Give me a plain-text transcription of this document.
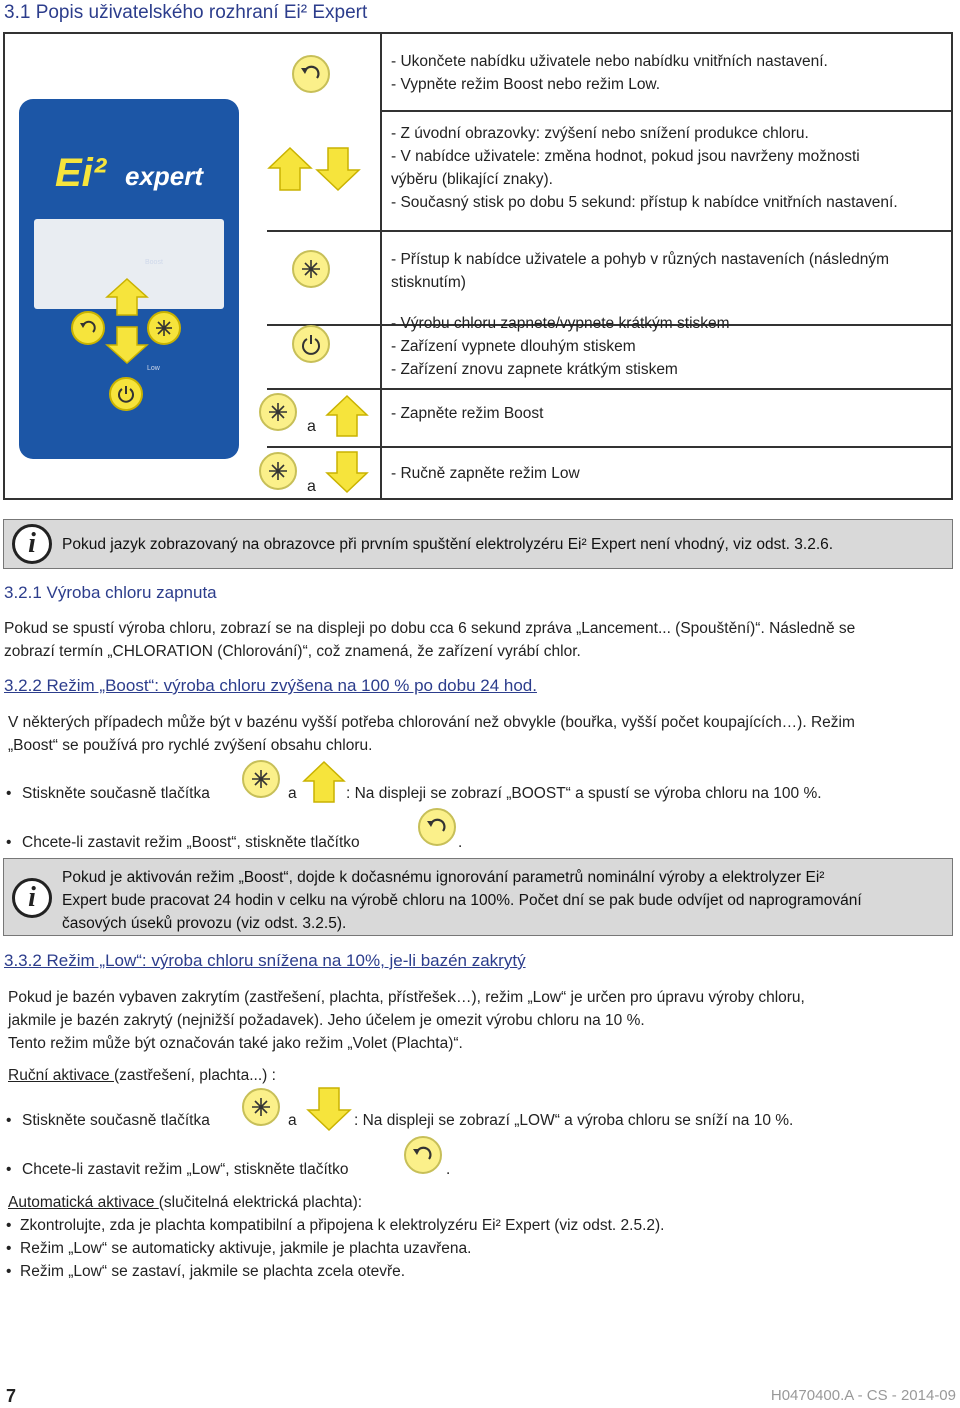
3.1 Popis uživatelského rozhraní Ei² Expert
Ei² expert
Boost
Low
a
a
- Ukončete nabídku uživatele nebo nabídku vnitřních nastavení.
- Vypněte režim Boost nebo režim Low.
- Z úvodní obrazovky: zvýšení nebo snížení produkce chloru.
- V nabídce uživatele: změna hodnot, pokud jsou navrženy možnosti
výběru (blikající znaky).
- Současný stisk po dobu 5 sekund: přístup k nabídce vnitřních nastavení.
- Přístup k nabídce uživatele a pohyb v různých nastaveních (následným
stisknutím)
- Výrobu chloru zapnete/vypnete krátkým stiskem
- Zařízení vypnete dlouhým stiskem
- Zařízení znovu zapnete krátkým stiskem
- Zapněte režim Boost
- Ručně zapněte režim Low
i	Pokud jazyk zobrazovaný na obrazovce při prvním spuštění elektrolyzéru Ei² Expert není vhodný, viz odst. 3.2.6.
3.2.1 Výroba chloru zapnuta
Pokud se spustí výroba chloru, zobrazí se na displeji po dobu cca 6 sekund zpráva „Lancement... (Spouštění)“. Následně se
zobrazí termín „CHLORATION (Chlorování)“, což znamená, že zařízení vyrábí chlor.
3.2.2 Režim „Boost“: výroba chloru zvýšena na 100 % po dobu 24 hod.
V některých případech může být v bazénu vyšší potřeba chlorování než obvykle (bouřka, vyšší počet koupajících…). Režim
„Boost“ se používá pro rychlé zvýšení obsahu chloru.
• Stiskněte současně tlačítka	a	: Na displeji se zobrazí „BOOST“ a spustí se výroba chloru na 100 %.
• Chcete-li zastavit režim „Boost“, stiskněte tlačítko	.
i
Pokud je aktivován režim „Boost“, dojde k dočasnému ignorování parametrů nominální výroby a elektrolyzer Ei²
Expert bude pracovat 24 hodin v celku na výrobě chloru na 100%. Počet dní se pak bude odvíjet od naprogramování
časových úseků provozu (viz odst. 3.2.5).
3.3.2 Režim „Low“: výroba chloru snížena na 10%, je-li bazén zakrytý
Pokud je bazén vybaven zakrytím (zastřešení, plachta, přístřešek…), režim „Low“ je určen pro úpravu výroby chloru,
jakmile je bazén zakrytý (nejnižší požadavek). Jeho účelem je omezit výrobu chloru na 10 %.
Tento režim může být označován také jako režim „Volet (Plachta)“.
Ruční aktivace (zastřešení, plachta...) :
• Stiskněte současně tlačítka	a	: Na displeji se zobrazí „LOW“ a výroba chloru se sníží na 10 %.
• Chcete-li zastavit režim „Low“, stiskněte tlačítko	.
Automatická aktivace (slučitelná elektrická plachta):
•  Zkontrolujte, zda je plachta kompatibilní a připojena k elektrolyzéru Ei² Expert (viz odst. 2.5.2).
•  Režim „Low“ se automaticky aktivuje, jakmile je plachta uzavřena.
•  Režim „Low“ se zastaví, jakmile se plachta zcela otevře.
7	H0470400.A - CS - 2014-09
